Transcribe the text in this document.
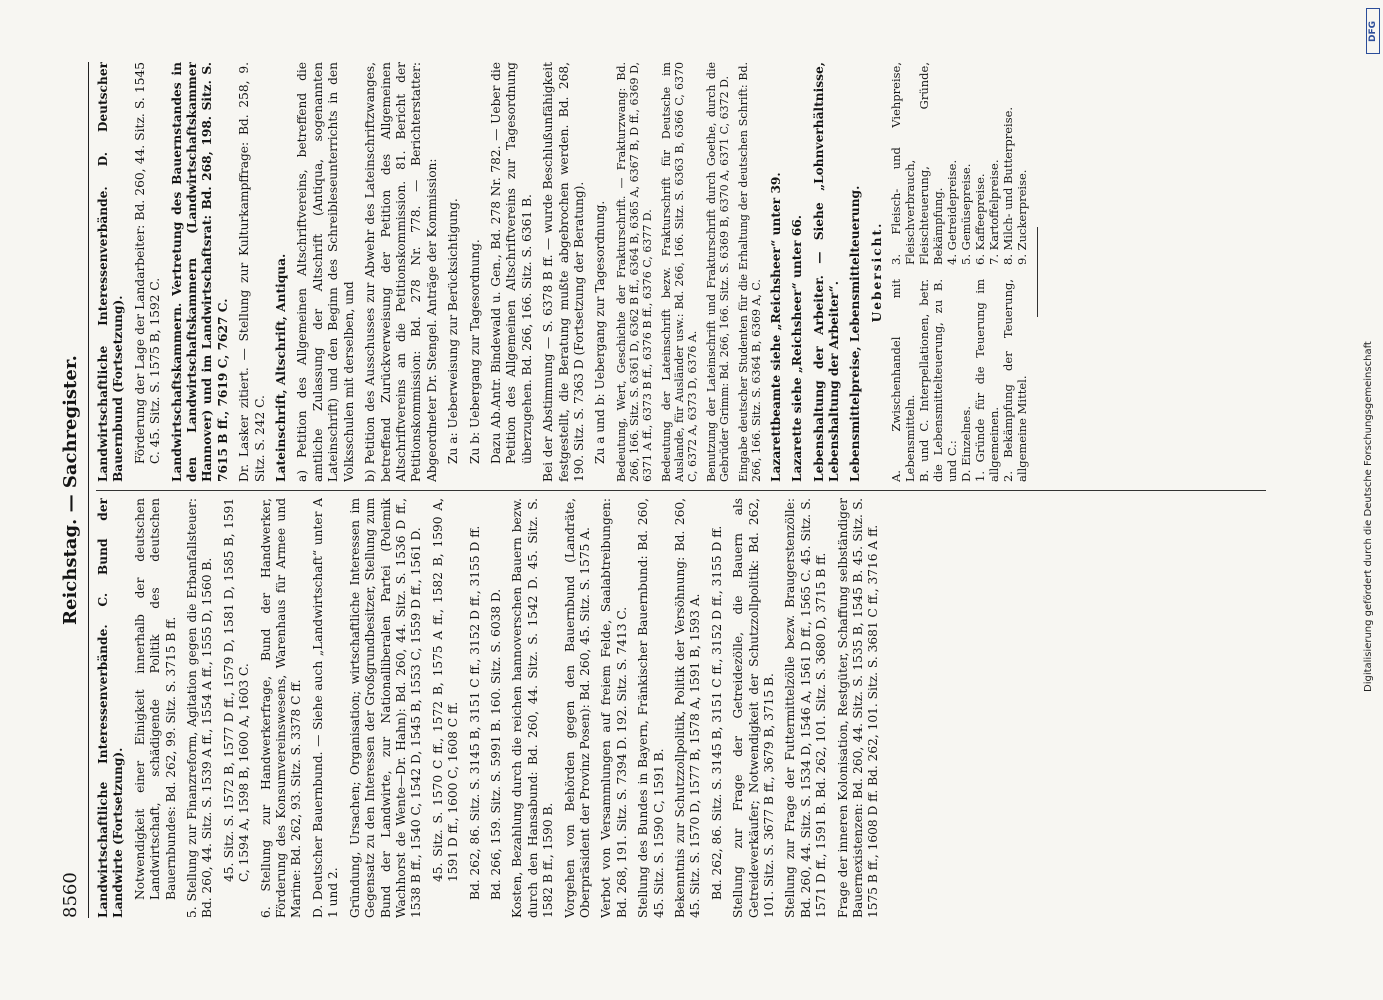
8560
Reichstag. — Sachregister.
Landwirtschaftliche Interessenverbände. C. Bund der Landwirte (Fortsetzung). Notwendigkeit einer Einigkeit innerhalb der deutschen Landwirtschaft, schädigende Politik des deutschen Bauernbundes: Bd. 262, 99. Sitz. S. 3715 B ff. 5. Stellung zur Finanzreform, Agitation gegen die Erbanfallsteuer: Bd. 260, 44. Sitz. S. 1539 A ff., 1554 A ff., 1555 D, 1560 B. 45. Sitz. S. 1572 B, 1577 D ff., 1579 D, 1581 D, 1585 B, 1591 C, 1594 A, 1598 B, 1600 A, 1603 C. 6. Stellung zur Handwerkerfrage, Bund der Handwerker, Förderung des Konsumvereinswesens, Warenhaus für Armee und Marine: Bd. 262, 93. Sitz. S. 3378 C ff. D. Deutscher Bauernbund. — Siehe auch „Landwirtschaft“ unter A 1 und 2. Gründung, Ursachen; Organisation; wirtschaftliche Interessen im Gegensatz zu den Interessen der Großgrundbesitzer, Stellung zum Bund der Landwirte, zur Nationalliberalen Partei (Polemik Wachhorst de Wente—Dr. Hahn): Bd. 260, 44. Sitz. S. 1536 D ff., 1538 B ff., 1540 C, 1542 D, 1545 B, 1553 C, 1559 D ff., 1561 D. 45. Sitz. S. 1570 C ff., 1572 B, 1575 A ff., 1582 B, 1590 A, 1591 D ff., 1600 C, 1608 C ff. Bd. 262, 86. Sitz. S. 3145 B, 3151 C ff., 3152 D ff., 3155 D ff. Bd. 266, 159. Sitz. S. 5991 B. 160. Sitz. S. 6038 D. Kosten, Bezahlung durch die reichen hannoverschen Bauern bezw. durch den Hansabund: Bd. 260, 44. Sitz. S. 1542 D. 45. Sitz. S. 1582 B ff., 1590 B. Vorgehen von Behörden gegen den Bauernbund (Landräte, Oberpräsident der Provinz Posen): Bd. 260, 45. Sitz. S. 1575 A. Verbot von Versammlungen auf freiem Felde, Saalabtreibungen: Bd. 268, 191. Sitz. S. 7394 D. 192. Sitz. S. 7413 C. Stellung des Bundes in Bayern, Fränkischer Bauernbund: Bd. 260, 45. Sitz. S. 1590 C, 1591 B. Bekenntnis zur Schutzzollpolitik, Politik der Versöhnung: Bd. 260, 45. Sitz. S. 1570 D, 1577 B, 1578 A, 1591 B, 1593 A. Bd. 262, 86. Sitz. S. 3145 B, 3151 C ff., 3152 D ff., 3155 D ff. Stellung zur Frage der Getreidezölle, die Bauern als Getreideverkäufer; Notwendigkeit der Schutzzollpolitik: Bd. 262, 101. Sitz. S. 3677 B ff., 3679 B, 3715 B. Stellung zur Frage der Futtermittelzölle bezw. Braugerstenzölle: Bd. 260, 44. Sitz. S. 1534 D, 1546 A, 1561 D ff., 1565 C. 45. Sitz. S. 1571 D ff., 1591 B. Bd. 262, 101. Sitz. S. 3680 D, 3715 B ff. Frage der inneren Kolonisation, Restgüter, Schaffung selbständiger Bauernexistenzen: Bd. 260, 44. Sitz. S. 1535 B, 1545 B. 45. Sitz. S. 1575 B ff., 1608 D ff. Bd. 262, 101. Sitz. S. 3681 C ff., 3716 A ff.
Landwirtschaftliche Interessenverbände. D. Deutscher Bauernbund (Fortsetzung). Förderung der Lage der Landarbeiter: Bd. 260, 44. Sitz. S. 1545 C. 45. Sitz. S. 1575 B, 1592 C. Landwirtschaftskammern. Vertretung des Bauernstandes in den Landwirtschaftskammern (Landwirtschaftskammer Hannover) und im Landwirtschaftsrat: Bd. 268, 198. Sitz. S. 7615 B ff., 7619 C, 7627 C. Dr. Lasker zitiert. — Stellung zur Kulturkampffrage: Bd. 258, 9. Sitz. S. 242 C. Lateinschrift, Altschrift, Antiqua. a) Petition des Allgemeinen Altschriftvereins, betreffend die amtliche Zulassung der Altschrift (Antiqua, sogenannten Lateinschrift) und den Beginn des Schreibleseunterrichts in den Volksschulen mit derselben, und b) Petition des Ausschusses zur Abwehr des Lateinschriftzwanges, betreffend Zurückverweisung der Petition des Allgemeinen Altschriftvereins an die Petitionskommission. 81. Bericht der Petitionskommission: Bd. 278 Nr. 778. — Berichterstatter: Abgeordneter Dr. Stengel. Anträge der Kommission: Zu a: Ueberweisung zur Berücksichtigung. Zu b: Uebergang zur Tagesordnung. Dazu Ab.Antr. Bindewald u. Gen., Bd. 278 Nr. 782. — Ueber die Petition des Allgemeinen Altschriftvereins zur Tagesordnung überzugehen. Bd. 266, 166. Sitz. S. 6361 B. Bei der Abstimmung — S. 6378 B ff. — wurde Beschlußunfähigkeit festgestellt, die Beratung mußte abgebrochen werden. Bd. 268, 190. Sitz. S. 7363 D (Fortsetzung der Beratung). Zu a und b: Uebergang zur Tagesordnung. Bedeutung, Wert, Geschichte der Frakturschrift. — Frakturzwang: Bd. 266, 166. Sitz. S. 6361 D, 6362 B ff., 6364 B, 6365 A, 6367 B, D ff., 6369 D, 6371 A ff., 6373 B ff., 6376 B ff., 6376 C, 6377 D. Bedeutung der Lateinschrift bezw. Frakturschrift für Deutsche im Auslande, für Ausländer usw.: Bd. 266, 166. Sitz. S. 6363 B, 6366 C, 6370 C, 6372 A, 6373 D, 6376 A. Benutzung der Lateinschrift und Frakturschrift durch Goethe, durch die Gebrüder Grimm: Bd. 266, 166. Sitz. S. 6369 B, 6370 A, 6371 C, 6372 D. Eingabe deutscher Studenten für die Erhaltung der deutschen Schrift: Bd. 266, 166. Sitz. S. 6364 B, 6369 A, C. Lazarettbeamte siehe „Reichsheer“ unter 39. Lazarette siehe „Reichsheer“ unter 66. Lebenshaltung der Arbeiter. — Siehe „Lohnverhältnisse, Lebenshaltung der Arbeiter“. Lebensmittelpreise, Lebensmittelteuerung. Uebersicht.
A. Zwischenhandel mit Lebensmitteln. B. und C. Interpellationen, betr. die Lebensmittelteuerung, zu B. und C.: D. Einzelnes. 1. Gründe für die Teuerung im allgemeinen. 2. Bekämpfung der Teuerung, allgemeine Mittel.
3. Fleisch- und Viehpreise, Fleischverbrauch, Fleischteuerung, Gründe, Bekämpfung. 4. Getreidepreise. 5. Gemüsepreise. 6. Kaffeepreise. 7. Kartoffelpreise. 8. Milch- und Butterpreise. 9. Zuckerpreise.
Digitalisierung gefördert durch die Deutsche Forschungsgemeinschaft
DFG
